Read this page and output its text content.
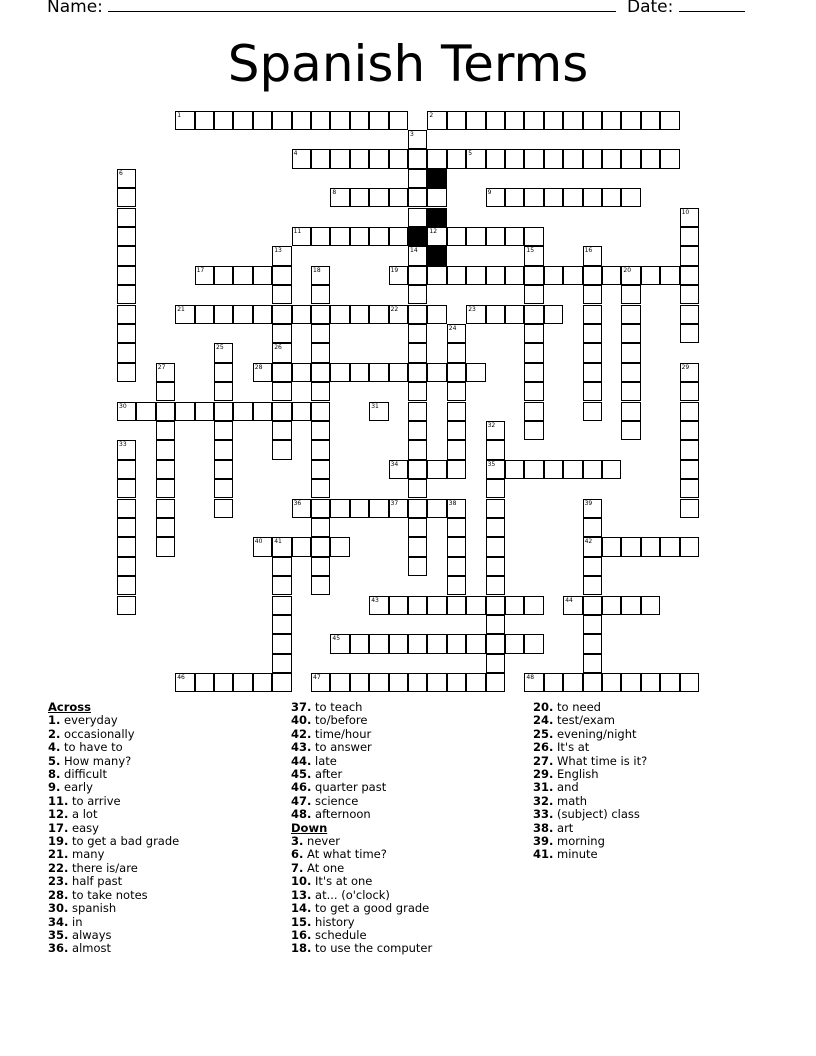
Name:	Date:
Spanish Terms
1	2
3
14
4	5
6
12
8	9
10
11
13
26
15	16
17	18	19	20
21	22	23
24
25
27	28	29
30	31
32
35
33
34
36	37	38	39
42
40 41
43	44
45
46	47	48
Across
1. everyday
2. occasionally
4. to have to
5. How many?
8. difficult
9. early
11. to arrive
12. a lot
17. easy
19. to get a bad grade
21. many
22. there is/are
23. half past
28. to take notes
30. spanish
34. in
35. always
36. almost
37. to teach
40. to/before
42. time/hour
43. to answer
44. late
45. after
46. quarter past
47. science
48. afternoon
Down
3. never
6. At what time?
7. At one
10. It's at one
13. at... (o'clock)
14. to get a good grade
15. history
16. schedule
18. to use the computer
20. to need
24. test/exam
25. evening/night
26. It's at
27. What time is it?
29. English
31. and
32. math
33. (subject) class
38. art
39. morning
41. minute
